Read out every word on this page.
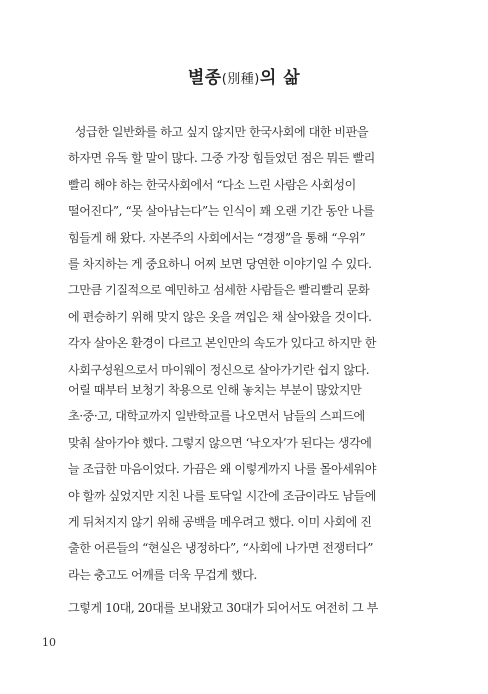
별종(別種)의 삶
성급한 일반화를 하고 싶지 않지만 한국사회에 대한 비판을
하자면 유독 할 말이 많다. 그중 가장 힘들었던 점은 뭐든 빨리
빨리 해야 하는 한국사회에서 “다소 느린 사람은 사회성이
떨어진다”, “못 살아남는다”는 인식이 꽤 오랜 기간 동안 나를
힘들게 해 왔다. 자본주의 사회에서는 “경쟁”을 통해 “우위”
를 차지하는 게 중요하니 어찌 보면 당연한 이야기일 수 있다.
그만큼 기질적으로 예민하고 섬세한 사람들은 빨리빨리 문화
에 편승하기 위해 맞지 않은 옷을 껴입은 채 살아왔을 것이다.
각자 살아온 환경이 다르고 본인만의 속도가 있다고 하지만 한
사회구성원으로서 마이웨이 정신으로 살아가기란 쉽지 않다.
어릴 때부터 보청기 착용으로 인해 놓치는 부분이 많았지만
초·중·고, 대학교까지 일반학교를 나오면서 남들의 스피드에
맞춰 살아가야 했다. 그렇지 않으면 ‘낙오자’가 된다는 생각에
늘 조급한 마음이었다. 가끔은 왜 이렇게까지 나를 몰아세워야
야 할까 싶었지만 지친 나를 토닥일 시간에 조금이라도 남들에
게 뒤처지지 않기 위해 공백을 메우려고 했다. 이미 사회에 진
출한 어른들의 “현실은 냉정하다”, “사회에 나가면 전쟁터다”
라는 충고도 어깨를 더욱 무겁게 했다.
그렇게 10대, 20대를 보내왔고 30대가 되어서도 여전히 그 부
10
